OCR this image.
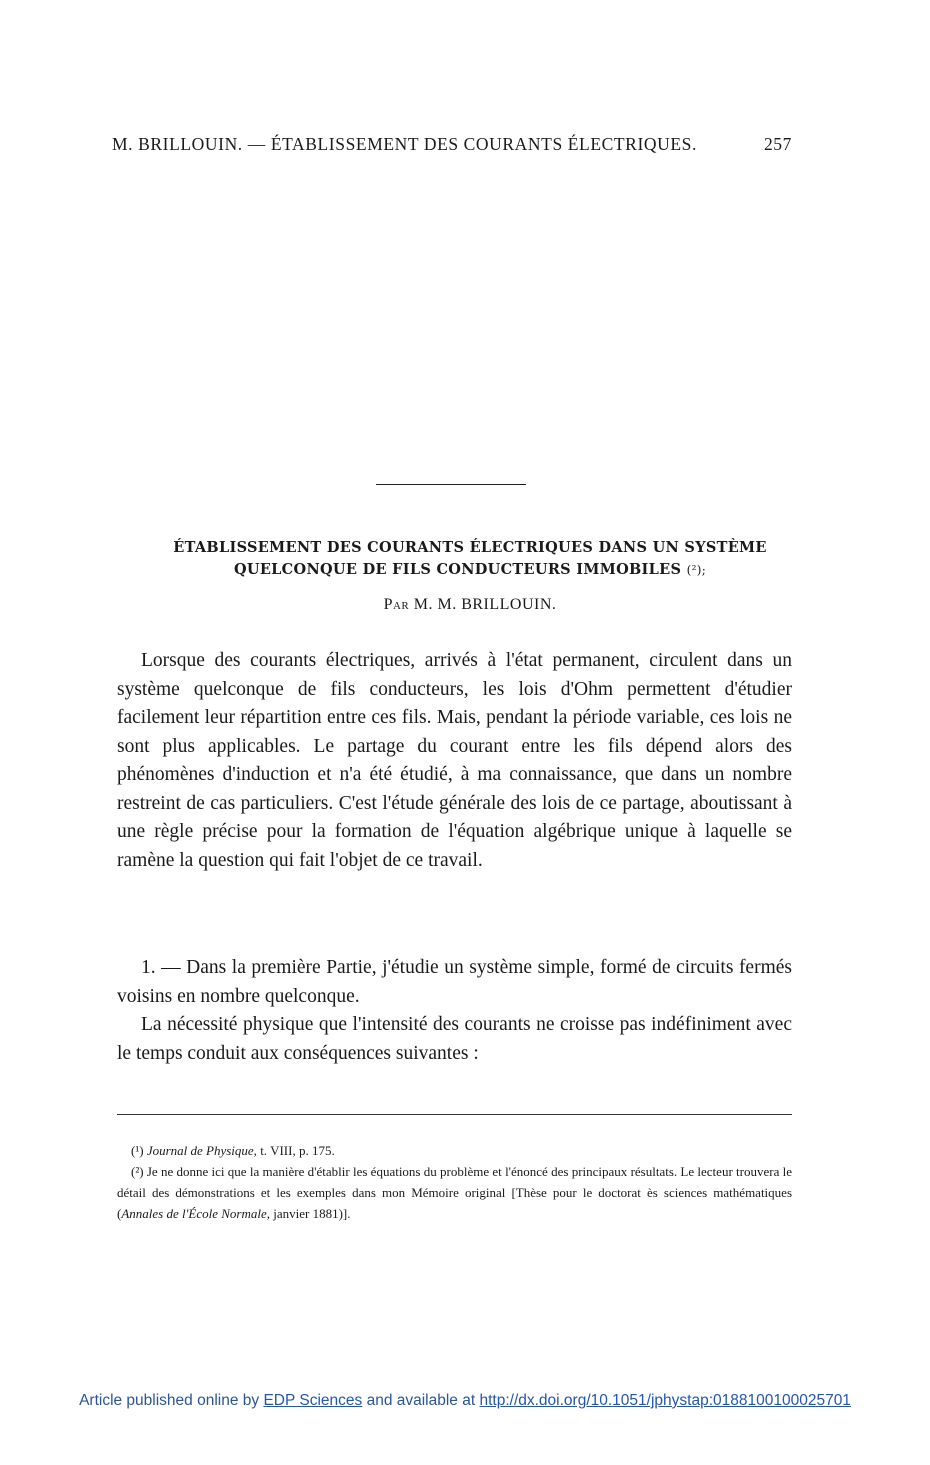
M. BRILLOUIN. — ÉTABLISSEMENT DES COURANTS ÉLECTRIQUES.	257
ÉTABLISSEMENT DES COURANTS ÉLECTRIQUES DANS UN SYSTÈME
QUELCONQUE DE FILS CONDUCTEURS IMMOBILES (²);
Par M. M. BRILLOUIN.

Lorsque des courants électriques, arrivés à l'état permanent, circulent dans un système quelconque de fils conducteurs, les lois d'Ohm permettent d'étudier facilement leur répartition entre ces fils. Mais, pendant la période variable, ces lois ne sont plus applicables. Le partage du courant entre les fils dépend alors des phénomènes d'induction et n'a été étudié, à ma connaissance, que dans un nombre restreint de cas particuliers. C'est l'étude générale des lois de ce partage, aboutissant à une règle précise pour la formation de l'équation algébrique unique à laquelle se ramène la question qui fait l'objet de ce travail.

1. — Dans la première Partie, j'étudie un système simple, formé de circuits fermés voisins en nombre quelconque.

La nécessité physique que l'intensité des courants ne croisse pas indéfiniment avec le temps conduit aux conséquences suivantes :

(¹) Journal de Physique, t. VIII, p. 175.

(²) Je ne donne ici que la manière d'établir les équations du problème et l'énoncé des principaux résultats. Le lecteur trouvera le détail des démonstrations et les exemples dans mon Mémoire original [Thèse pour le doctorat ès sciences mathématiques (Annales de l'École Normale, janvier 1881)].

Article published online by EDP Sciences and available at http://dx.doi.org/10.1051/jphystap:0188100100025701
